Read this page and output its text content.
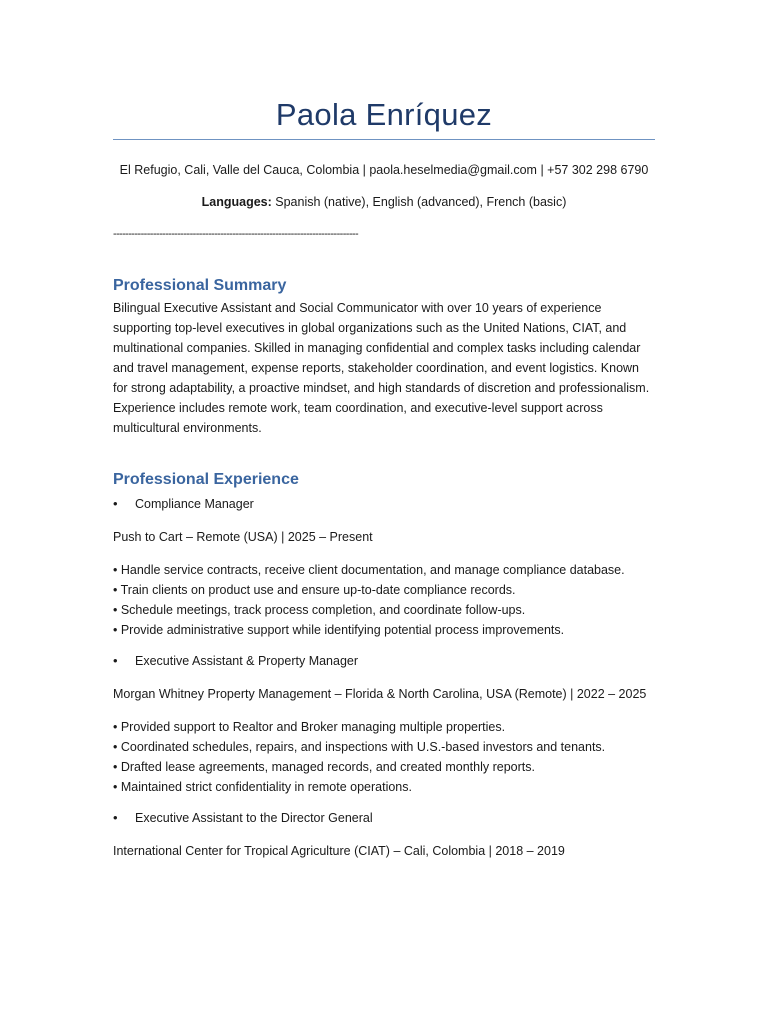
Paola Enríquez
El Refugio, Cali, Valle del Cauca, Colombia | paola.heselmedia@gmail.com | +57 302 298 6790
Languages: Spanish (native), English (advanced), French (basic)
--------------------------------------------------------------------------------
Professional Summary

Bilingual Executive Assistant and Social Communicator with over 10 years of experience supporting top-level executives in global organizations such as the United Nations, CIAT, and multinational companies. Skilled in managing confidential and complex tasks including calendar and travel management, expense reports, stakeholder coordination, and event logistics. Known for strong adaptability, a proactive mindset, and high standards of discretion and professionalism. Experience includes remote work, team coordination, and executive-level support across multicultural environments.

Professional Experience
•	Compliance Manager
Push to Cart – Remote (USA) | 2025 – Present
• Handle service contracts, receive client documentation, and manage compliance database.
• Train clients on product use and ensure up-to-date compliance records.
• Schedule meetings, track process completion, and coordinate follow-ups.
• Provide administrative support while identifying potential process improvements.
•	Executive Assistant & Property Manager
Morgan Whitney Property Management – Florida & North Carolina, USA (Remote) | 2022 – 2025
• Provided support to Realtor and Broker managing multiple properties.
• Coordinated schedules, repairs, and inspections with U.S.-based investors and tenants.
• Drafted lease agreements, managed records, and created monthly reports.
• Maintained strict confidentiality in remote operations.
•	Executive Assistant to the Director General
International Center for Tropical Agriculture (CIAT) – Cali, Colombia | 2018 – 2019
